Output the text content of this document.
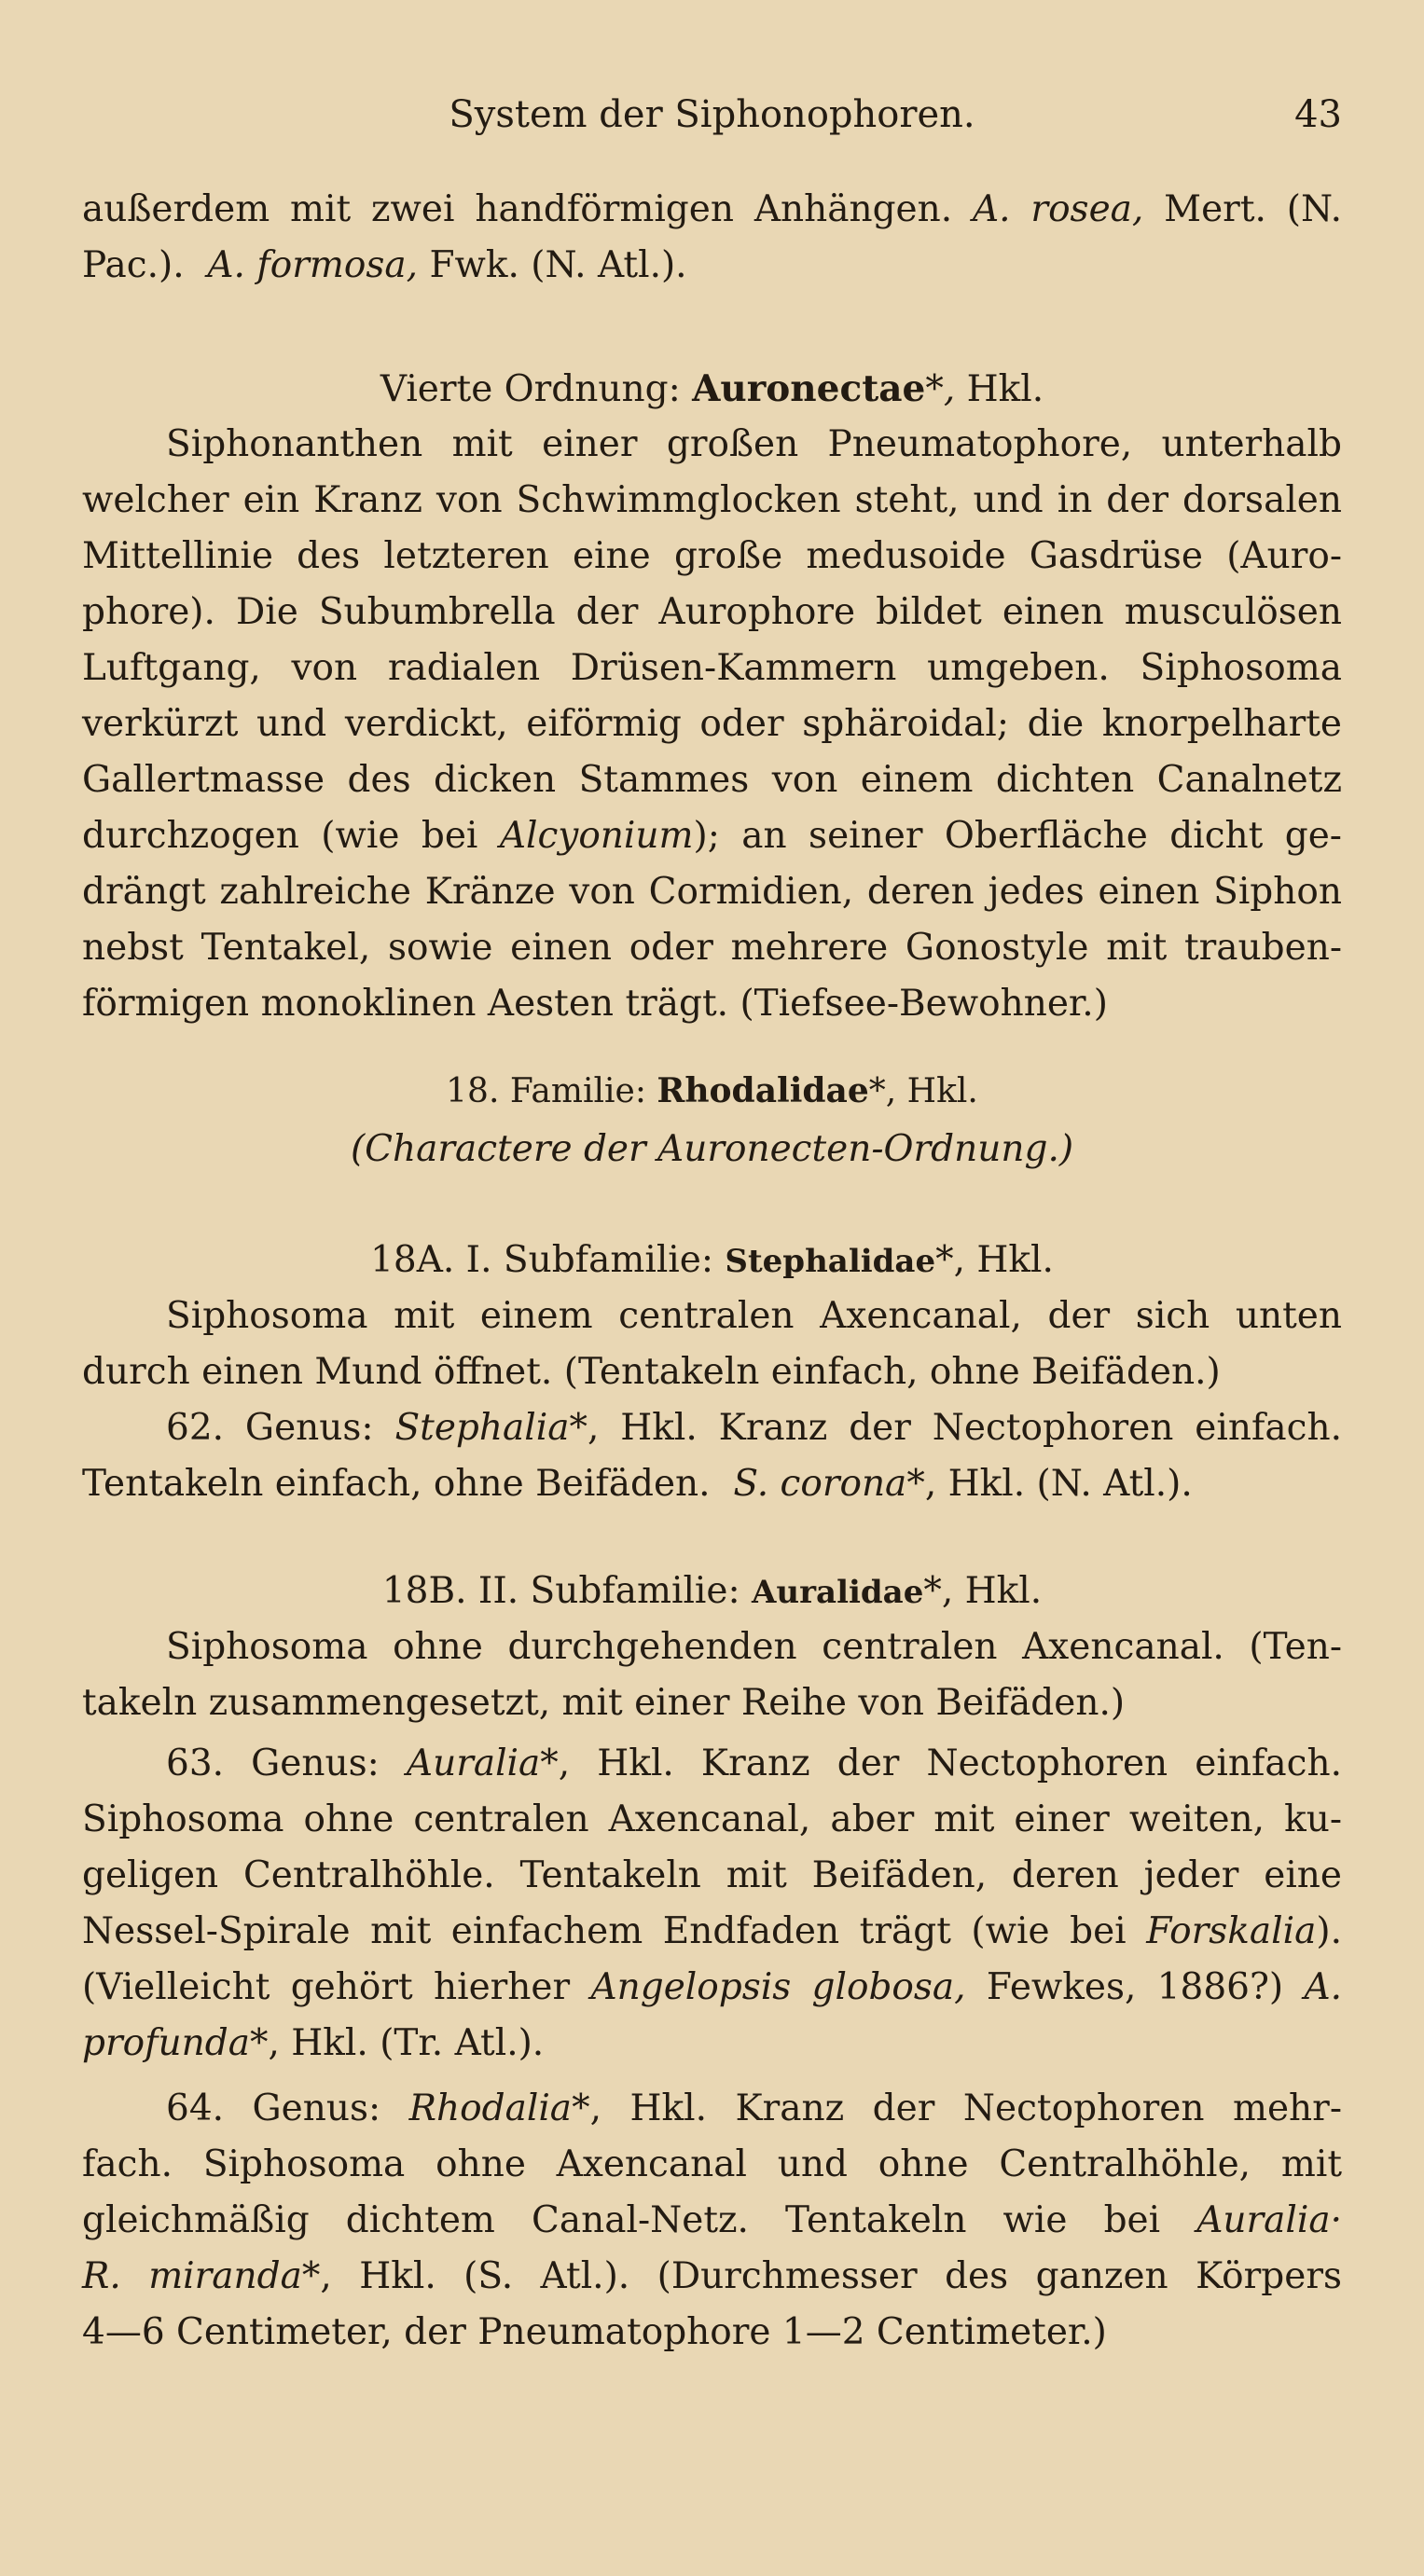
System der Siphonophoren.	43
außerdem mit zwei handförmigen Anhängen. A. rosea, Mert. (N.
Pac.). A. formosa, Fwk. (N. Atl.).
Vierte Ordnung: Auronectae*, Hkl.
Siphonanthen mit einer großen Pneumatophore, unterhalb
welcher ein Kranz von Schwimmglocken steht, und in der dorsalen
Mittellinie des letzteren eine große medusoide Gasdrüse (Auro-
phore). Die Subumbrella der Aurophore bildet einen musculösen
Luftgang, von radialen Drüsen-Kammern umgeben. Siphosoma
verkürzt und verdickt, eiförmig oder sphäroidal; die knorpelharte
Gallertmasse des dicken Stammes von einem dichten Canalnetz
durchzogen (wie bei Alcyonium); an seiner Oberfläche dicht ge-
drängt zahlreiche Kränze von Cormidien, deren jedes einen Siphon
nebst Tentakel, sowie einen oder mehrere Gonostyle mit trauben-
förmigen monoklinen Aesten trägt. (Tiefsee-Bewohner.)
18. Familie: Rhodalidae*, Hkl.
(Charactere der Auronecten-Ordnung.)
18A. I. Subfamilie: Stephalidae*, Hkl.
Siphosoma mit einem centralen Axencanal, der sich unten
durch einen Mund öffnet. (Tentakeln einfach, ohne Beifäden.)
62. Genus: Stephalia*, Hkl. Kranz der Nectophoren einfach.
Tentakeln einfach, ohne Beifäden. S. corona*, Hkl. (N. Atl.).
18B. II. Subfamilie: Auralidae*, Hkl.
Siphosoma ohne durchgehenden centralen Axencanal. (Ten-
takeln zusammengesetzt, mit einer Reihe von Beifäden.)
63. Genus: Auralia*, Hkl. Kranz der Nectophoren einfach.
Siphosoma ohne centralen Axencanal, aber mit einer weiten, ku-
geligen Centralhöhle. Tentakeln mit Beifäden, deren jeder eine
Nessel-Spirale mit einfachem Endfaden trägt (wie bei Forskalia).
(Vielleicht gehört hierher Angelopsis globosa, Fewkes, 1886?) A.
profunda*, Hkl. (Tr. Atl.).
64. Genus: Rhodalia*, Hkl. Kranz der Nectophoren mehr-
fach. Siphosoma ohne Axencanal und ohne Centralhöhle, mit
gleichmäßig dichtem Canal-Netz. Tentakeln wie bei Auralia·
R. miranda*, Hkl. (S. Atl.). (Durchmesser des ganzen Körpers
4—6 Centimeter, der Pneumatophore 1—2 Centimeter.)
